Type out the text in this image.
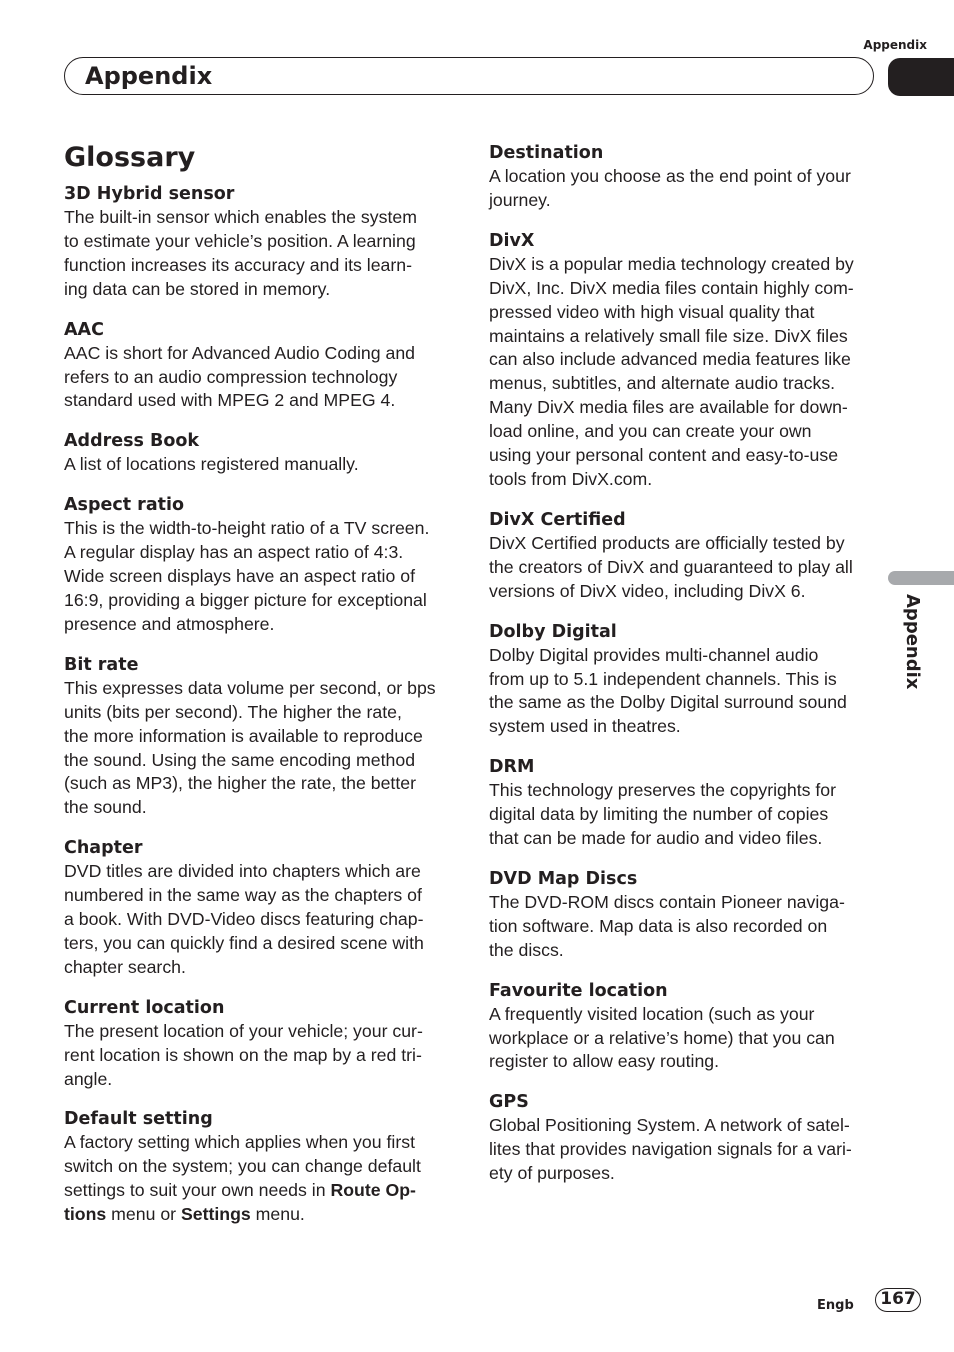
Appendix
Appendix
Appendix
Glossary

3D Hybrid sensor

The built-in sensor which enables the system
to estimate your vehicle’s position. A learning
function increases its accuracy and its learn-
ing data can be stored in memory.

AAC

AAC is short for Advanced Audio Coding and
refers to an audio compression technology
standard used with MPEG 2 and MPEG 4.

Address Book

A list of locations registered manually.

Aspect ratio

This is the width-to-height ratio of a TV screen.
A regular display has an aspect ratio of 4:3.
Wide screen displays have an aspect ratio of
16:9, providing a bigger picture for exceptional
presence and atmosphere.

Bit rate

This expresses data volume per second, or bps
units (bits per second). The higher the rate,
the more information is available to reproduce
the sound. Using the same encoding method
(such as MP3), the higher the rate, the better
the sound.

Chapter

DVD titles are divided into chapters which are
numbered in the same way as the chapters of
a book. With DVD-Video discs featuring chap-
ters, you can quickly find a desired scene with
chapter search.

Current location

The present location of your vehicle; your cur-
rent location is shown on the map by a red tri-
angle.

Default setting

A factory setting which applies when you first
switch on the system; you can change default
settings to suit your own needs in Route Op-
tions menu or Settings menu.

Destination

A location you choose as the end point of your
journey.

DivX

DivX is a popular media technology created by
DivX, Inc. DivX media files contain highly com-
pressed video with high visual quality that
maintains a relatively small file size. DivX files
can also include advanced media features like
menus, subtitles, and alternate audio tracks.
Many DivX media files are available for down-
load online, and you can create your own
using your personal content and easy-to-use
tools from DivX.com.

DivX Certified

DivX Certified products are officially tested by
the creators of DivX and guaranteed to play all
versions of DivX video, including DivX 6.

Dolby Digital

Dolby Digital provides multi-channel audio
from up to 5.1 independent channels. This is
the same as the Dolby Digital surround sound
system used in theatres.

DRM

This technology preserves the copyrights for
digital data by limiting the number of copies
that can be made for audio and video files.

DVD Map Discs

The DVD-ROM discs contain Pioneer naviga-
tion software. Map data is also recorded on
the discs.

Favourite location

A frequently visited location (such as your
workplace or a relative’s home) that you can
register to allow easy routing.

GPS

Global Positioning System. A network of satel-
lites that provides navigation signals for a vari-
ety of purposes.

Engb	167
